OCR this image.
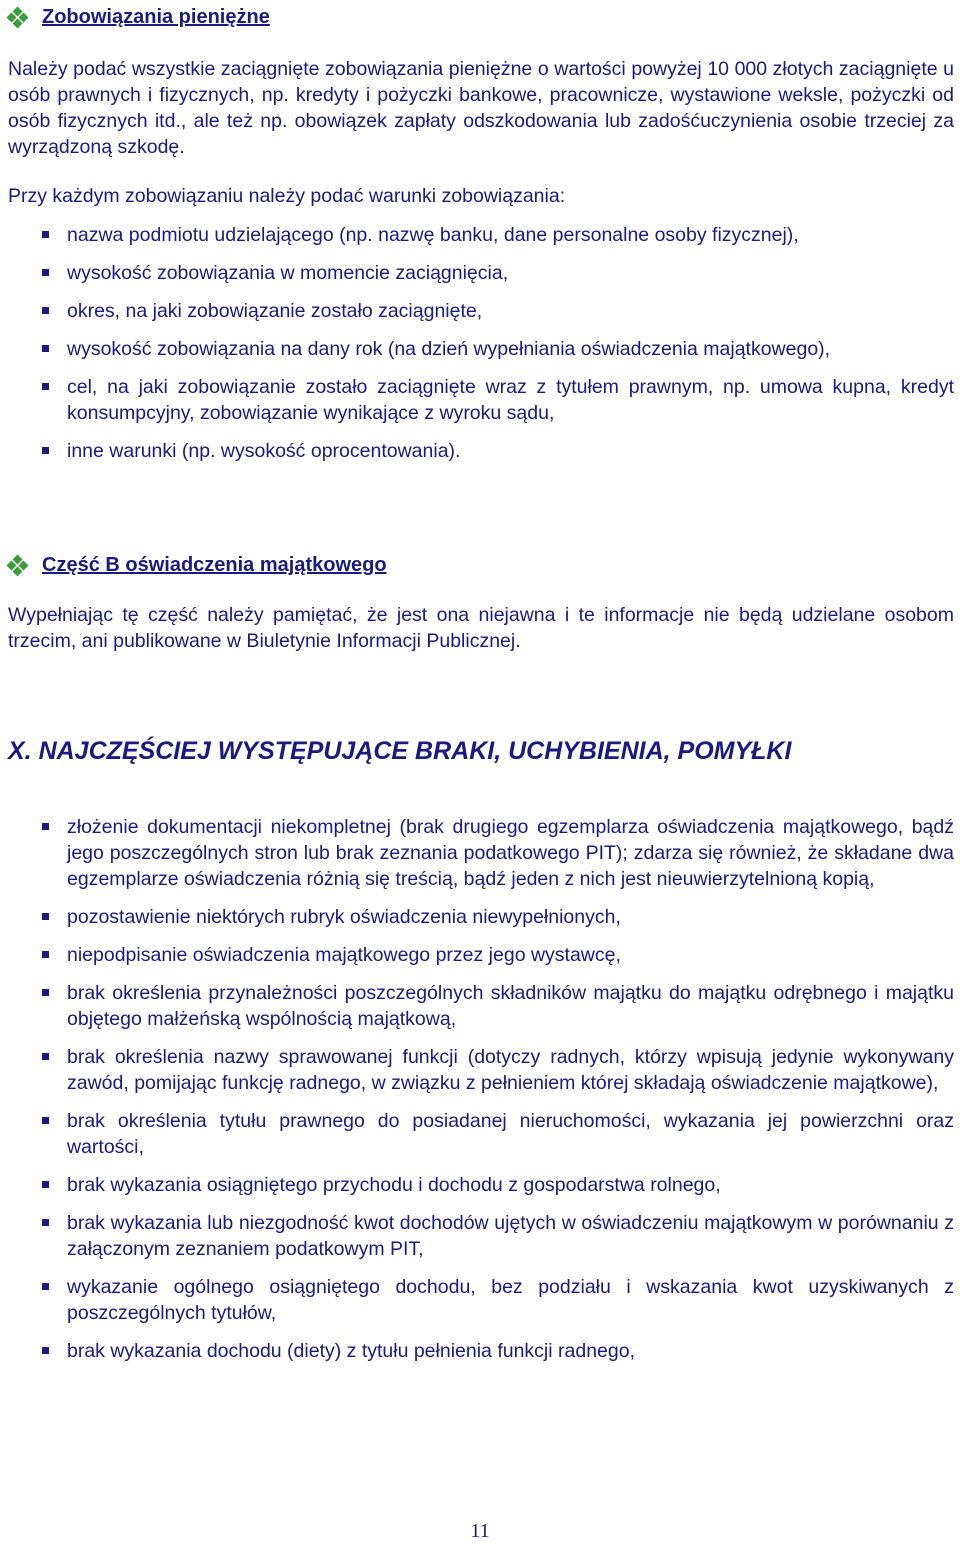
Zobowiązania pieniężne

Należy podać wszystkie zaciągnięte zobowiązania pieniężne o wartości powyżej 10 000 złotych zaciągnięte u osób prawnych i fizycznych, np. kredyty i pożyczki bankowe, pracownicze, wystawione weksle, pożyczki od osób fizycznych itd., ale też np. obowiązek zapłaty odszkodowania lub zadośćuczynienia osobie trzeciej za wyrządzoną szkodę.

Przy każdym zobowiązaniu należy podać warunki zobowiązania:

nazwa podmiotu udzielającego (np. nazwę banku, dane personalne osoby fizycznej),
wysokość zobowiązania w momencie zaciągnięcia,
okres, na jaki zobowiązanie zostało zaciągnięte,
wysokość zobowiązania na dany rok (na dzień wypełniania oświadczenia majątkowego),
cel, na jaki zobowiązanie zostało zaciągnięte wraz z tytułem prawnym, np. umowa kupna, kredyt konsumpcyjny, zobowiązanie wynikające z wyroku sądu,
inne warunki (np. wysokość oprocentowania).
Część B oświadczenia majątkowego

Wypełniając tę część należy pamiętać, że jest ona niejawna i te informacje nie będą udzielane osobom trzecim, ani publikowane w Biuletynie Informacji Publicznej.

X. NAJCZĘŚCIEJ WYSTĘPUJĄCE BRAKI, UCHYBIENIA, POMYŁKI
złożenie dokumentacji niekompletnej (brak drugiego egzemplarza oświadczenia majątkowego, bądź jego poszczególnych stron lub brak zeznania podatkowego PIT); zdarza się również, że składane dwa egzemplarze oświadczenia różnią się treścią, bądź jeden z nich jest nieuwierzytelnioną kopią,
pozostawienie niektórych rubryk oświadczenia niewypełnionych,
niepodpisanie oświadczenia majątkowego przez jego wystawcę,
brak określenia przynależności poszczególnych składników majątku do majątku odrębnego i majątku objętego małżeńską wspólnością majątkową,
brak określenia nazwy sprawowanej funkcji (dotyczy radnych, którzy wpisują jedynie wykonywany zawód, pomijając funkcję radnego, w związku z pełnieniem której składają oświadczenie majątkowe),
brak określenia tytułu prawnego do posiadanej nieruchomości, wykazania jej powierzchni oraz wartości,
brak wykazania osiągniętego przychodu i dochodu z gospodarstwa rolnego,
brak wykazania lub niezgodność kwot dochodów ujętych w oświadczeniu majątkowym w porównaniu z załączonym zeznaniem podatkowym PIT,
wykazanie ogólnego osiągniętego dochodu, bez podziału i wskazania kwot uzyskiwanych z poszczególnych tytułów,
brak wykazania dochodu (diety) z tytułu pełnienia funkcji radnego,
11
